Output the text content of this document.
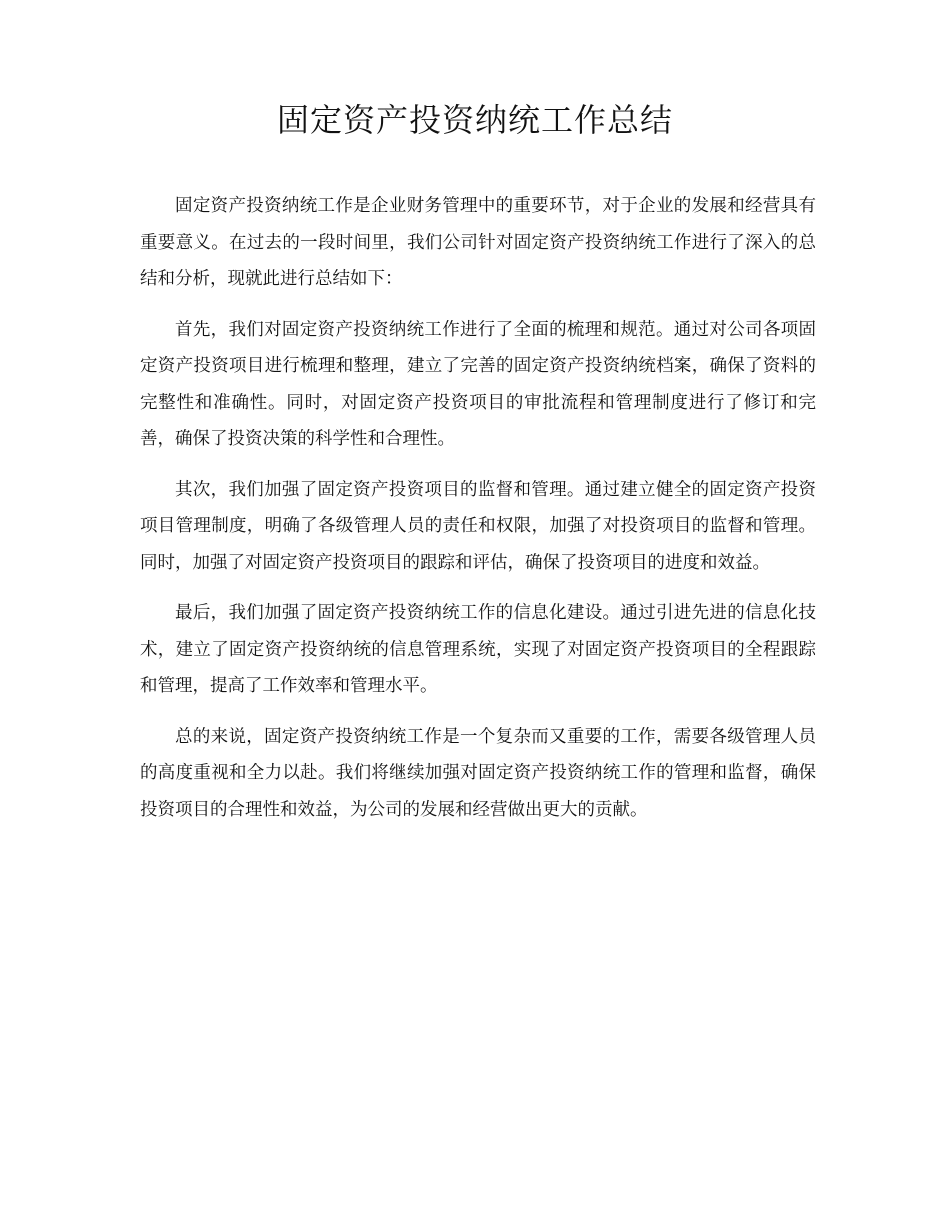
固定资产投资纳统工作总结

固定资产投资纳统工作是企业财务管理中的重要环节，对于企业的发展和经营具有重要意义。在过去的一段时间里，我们公司针对固定资产投资纳统工作进行了深入的总结和分析，现就此进行总结如下：

首先，我们对固定资产投资纳统工作进行了全面的梳理和规范。通过对公司各项固定资产投资项目进行梳理和整理，建立了完善的固定资产投资纳统档案，确保了资料的完整性和准确性。同时，对固定资产投资项目的审批流程和管理制度进行了修订和完善，确保了投资决策的科学性和合理性。

其次，我们加强了固定资产投资项目的监督和管理。通过建立健全的固定资产投资项目管理制度，明确了各级管理人员的责任和权限，加强了对投资项目的监督和管理。同时，加强了对固定资产投资项目的跟踪和评估，确保了投资项目的进度和效益。

最后，我们加强了固定资产投资纳统工作的信息化建设。通过引进先进的信息化技术，建立了固定资产投资纳统的信息管理系统，实现了对固定资产投资项目的全程跟踪和管理，提高了工作效率和管理水平。

总的来说，固定资产投资纳统工作是一个复杂而又重要的工作，需要各级管理人员的高度重视和全力以赴。我们将继续加强对固定资产投资纳统工作的管理和监督，确保投资项目的合理性和效益，为公司的发展和经营做出更大的贡献。
